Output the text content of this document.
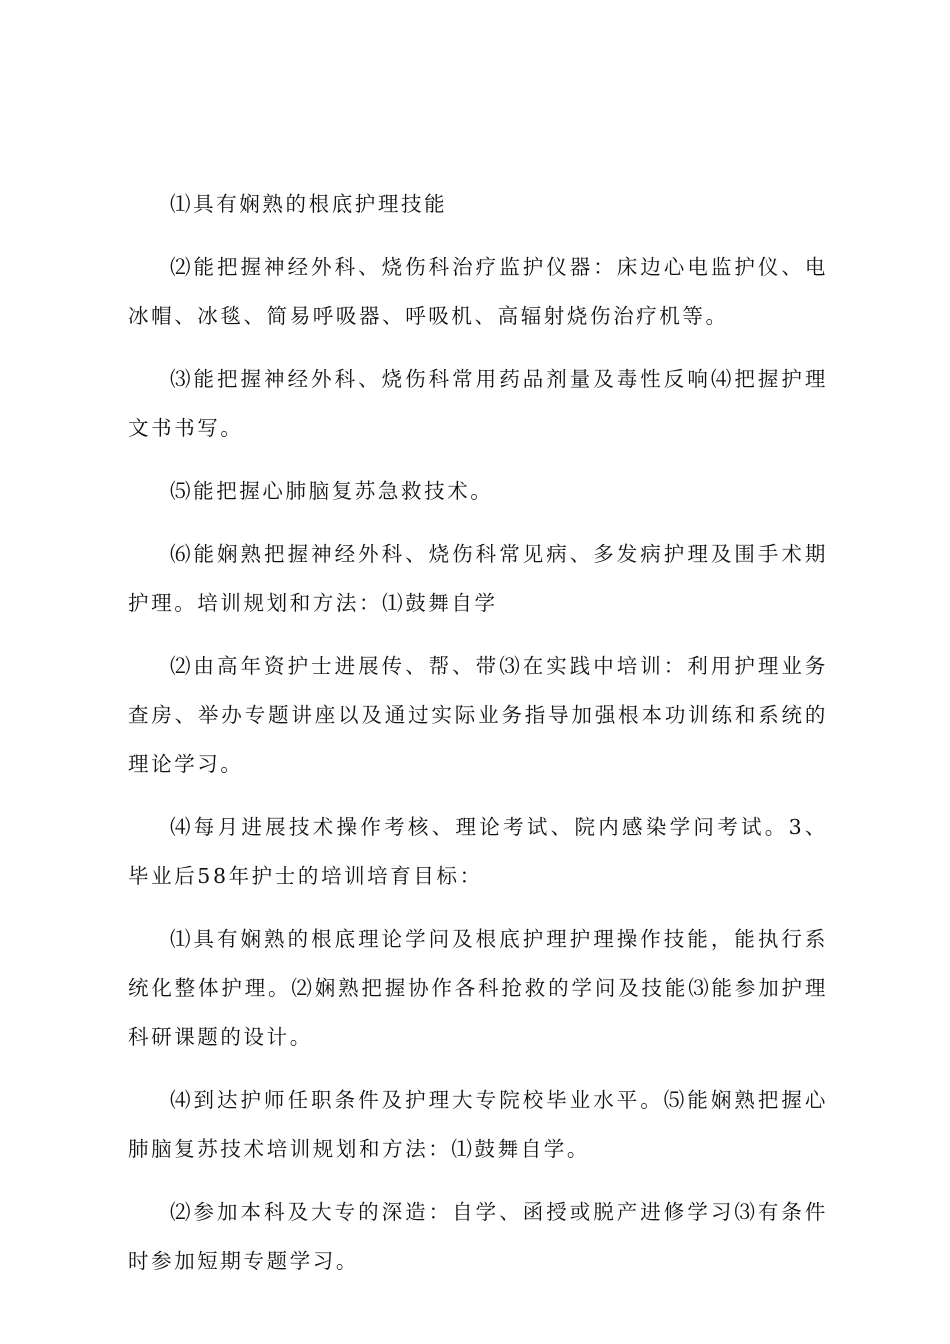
⑴具有娴熟的根底护理技能

⑵能把握神经外科、烧伤科治疗监护仪器：床边心电监护仪、电冰帽、冰毯、简易呼吸器、呼吸机、高辐射烧伤治疗机等。

⑶能把握神经外科、烧伤科常用药品剂量及毒性反响⑷把握护理文书书写。

⑸能把握心肺脑复苏急救技术。

⑹能娴熟把握神经外科、烧伤科常见病、多发病护理及围手术期护理。培训规划和方法：⑴鼓舞自学

⑵由高年资护士进展传、帮、带⑶在实践中培训：利用护理业务查房、举办专题讲座以及通过实际业务指导加强根本功训练和系统的理论学习。

⑷每月进展技术操作考核、理论考试、院内感染学问考试。3、毕业后58年护士的培训培育目标：

⑴具有娴熟的根底理论学问及根底护理护理操作技能，能执行系统化整体护理。⑵娴熟把握协作各科抢救的学问及技能⑶能参加护理科研课题的设计。

⑷到达护师任职条件及护理大专院校毕业水平。⑸能娴熟把握心肺脑复苏技术培训规划和方法：⑴鼓舞自学。

⑵参加本科及大专的深造：自学、函授或脱产进修学习⑶有条件时参加短期专题学习。
